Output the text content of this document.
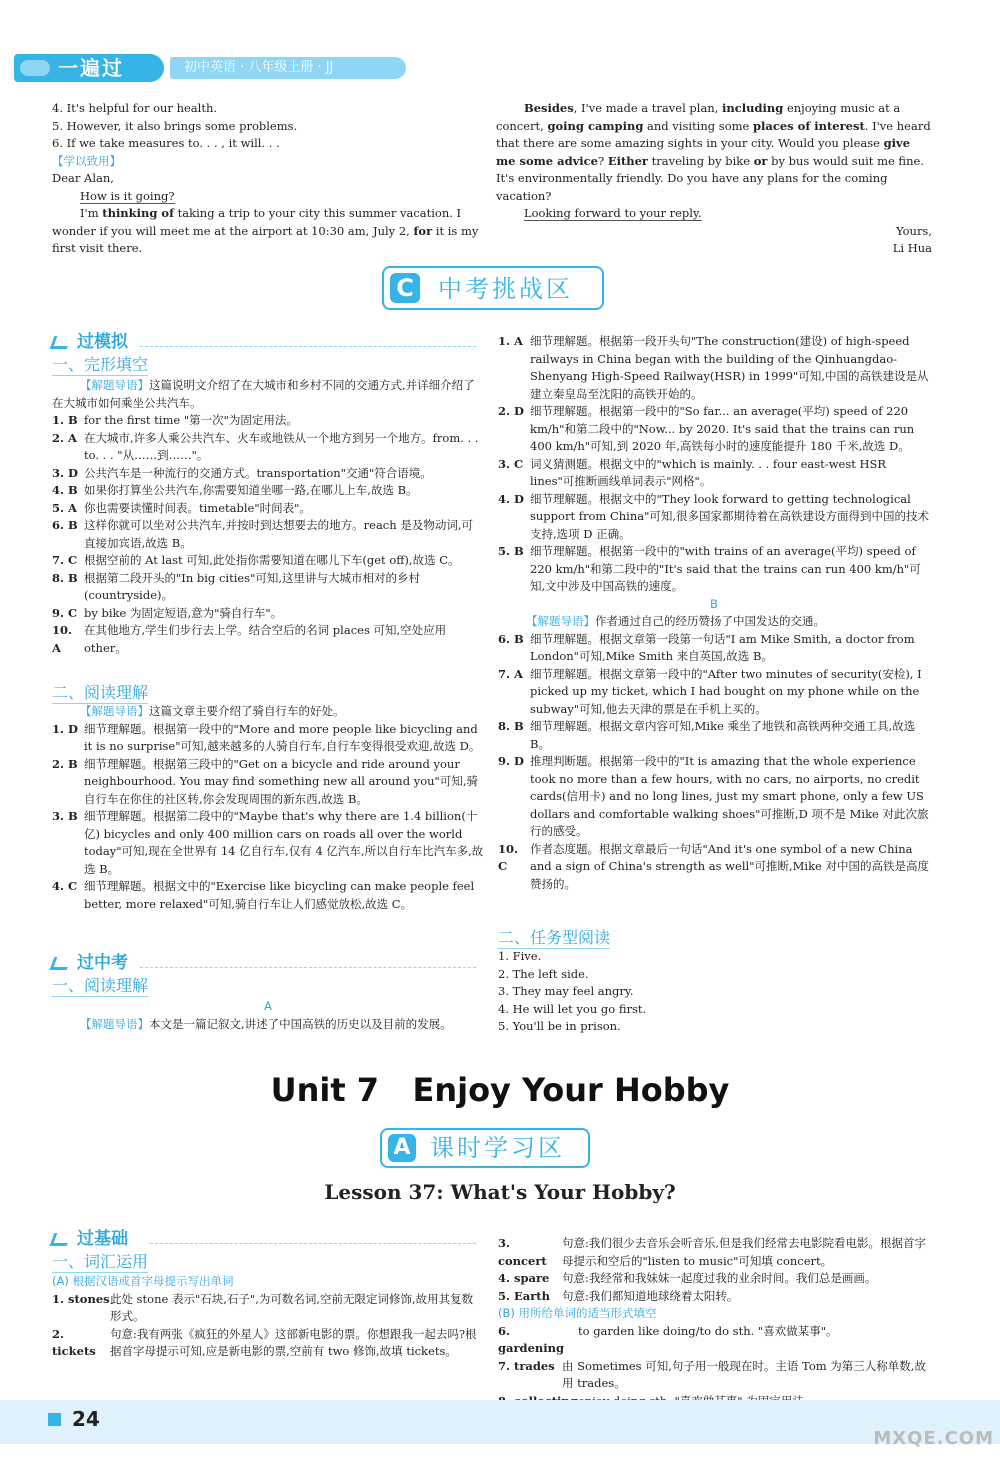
一遍过	初中英语 · 八年级上册 · JJ

4. It's helpful for our health.

5. However, it also brings some problems.

6. If we take measures to. . . , it will. . .

【学以致用】

Dear Alan,

How is it going?

I'm thinking of taking a trip to your city this summer vacation. I wonder if you will meet me at the airport at 10:30 am, July 2, for it is my first visit there.

Besides, I've made a travel plan, including enjoying music at a concert, going camping and visiting some places of interest. I've heard that there are some amazing sights in your city. Would you please give me some advice? Either traveling by bike or by bus would suit me fine. It's environmentally friendly. Do you have any plans for the coming vacation?

Looking forward to your reply.

Yours,

Li Hua

C 中考挑战区
过模拟
一、完形填空

【解题导语】这篇说明文介绍了在大城市和乡村不同的交通方式,并详细介绍了在大城市如何乘坐公共汽车。

1. B for the first time "第一次"为固定用法。
2. A 在大城市,许多人乘公共汽车、火车或地铁从一个地方到另一个地方。from. . . to. . . "从……到……"。
3. D 公共汽车是一种流行的交通方式。transportation"交通"符合语境。
4. B 如果你打算坐公共汽车,你需要知道坐哪一路,在哪儿上车,故选 B。
5. A 你也需要读懂时间表。timetable"时间表"。
6. B 这样你就可以坐对公共汽车,并按时到达想要去的地方。reach 是及物动词,可直接加宾语,故选 B。
7. C 根据空前的 At last 可知,此处指你需要知道在哪儿下车(get off),故选 C。
8. B 根据第二段开头的"In big cities"可知,这里讲与大城市相对的乡村(countryside)。
9. C by bike 为固定短语,意为"骑自行车"。
10. A
在其他地方,学生们步行去上学。结合空后的名词 places 可知,空处应用 other。
二、阅读理解

【解题导语】这篇文章主要介绍了骑自行车的好处。

1. D 细节理解题。根据第一段中的"More and more people like bicycling and it is no surprise"可知,越来越多的人骑自行车,自行车变得很受欢迎,故选 D。
2. B 细节理解题。根据第三段中的"Get on a bicycle and ride around your neighbourhood. You may find something new all around you"可知,骑自行车在你住的社区转,你会发现周围的新东西,故选 B。
3. B 细节理解题。根据第二段中的"Maybe that's why there are 1.4 billion(十亿) bicycles and only 400 million cars on roads all over the world today"可知,现在全世界有 14 亿自行车,仅有 4 亿汽车,所以自行车比汽车多,故选 B。
4. C 细节理解题。根据文中的"Exercise like bicycling can make people feel better, more relaxed"可知,骑自行车让人们感觉放松,故选 C。
过中考
一、阅读理解

A

【解题导语】本文是一篇记叙文,讲述了中国高铁的历史以及目前的发展。

1. A 细节理解题。根据第一段开头句"The construction(建设) of high-speed railways in China began with the building of the Qinhuangdao-Shenyang High-Speed Railway(HSR) in 1999"可知,中国的高铁建设是从建立秦皇岛至沈阳的高铁开始的。
2. D 细节理解题。根据第一段中的"So far... an average(平均) speed of 220 km/h"和第二段中的"Now... by 2020. It's said that the trains can run 400 km/h"可知,到 2020 年,高铁每小时的速度能提升 180 千米,故选 D。
3. C 词义猜测题。根据文中的"which is mainly. . . four east-west HSR lines"可推断画线单词表示"网格"。
4. D 细节理解题。根据文中的"They look forward to getting technological support from China"可知,很多国家都期待着在高铁建设方面得到中国的技术支持,选项 D 正确。
5. B 细节理解题。根据第一段中的"with trains of an average(平均) speed of 220 km/h"和第二段中的"It's said that the trains can run 400 km/h"可知,文中涉及中国高铁的速度。

B

【解题导语】作者通过自己的经历赞扬了中国发达的交通。

6. B 细节理解题。根据文章第一段第一句话"I am Mike Smith, a doctor from London"可知,Mike Smith 来自英国,故选 B。
7. A 细节理解题。根据文章第一段中的"After two minutes of security(安检), I picked up my ticket, which I had bought on my phone while on the subway"可知,他去天津的票是在手机上买的。
8. B 细节理解题。根据文章内容可知,Mike 乘坐了地铁和高铁两种交通工具,故选 B。
9. D 推理判断题。根据第一段中的"It is amazing that the whole experience took no more than a few hours, with no cars, no airports, no credit cards(信用卡) and no long lines, just my smart phone, only a few US dollars and comfortable walking shoes"可推断,D 项不是 Mike 对此次旅行的感受。
10. C
作者态度题。根据文章最后一句话"And it's one symbol of a new China and a sign of China's strength as well"可推断,Mike 对中国的高铁是高度赞扬的。
二、任务型阅读

1. Five.

2. The left side.

3. They may feel angry.

4. He will let you go first.

5. You'll be in prison.

Unit 7   Enjoy Your Hobby
A 课时学习区
Lesson 37: What's Your Hobby?
过基础
一、词汇运用

(A) 根据汉语或首字母提示写出单词

1. stones 此处 stone 表示"石块,石子",为可数名词,空前无限定词修饰,故用其复数形式。
2. tickets
句意:我有两张《疯狂的外星人》这部新电影的票。你想跟我一起去吗?根据首字母提示可知,应是新电影的票,空前有 two 修饰,故填 tickets。
3. concert
句意:我们很少去音乐会听音乐,但是我们经常去电影院看电影。根据首字母提示和空后的"listen to music"可知填 concert。
4. spare	句意:我经常和我妹妹一起度过我的业余时间。我们总是画画。
5. Earth	句意:我们都知道地球绕着太阳转。

(B) 用所给单词的适当形式填空

6. gardening
to garden like doing/to do sth. "喜欢做某事"。
7. trades 由 Sometimes 可知,句子用一般现在时。主语 Tom 为第三人称单数,故用 trades。
24
MXQE.COM
